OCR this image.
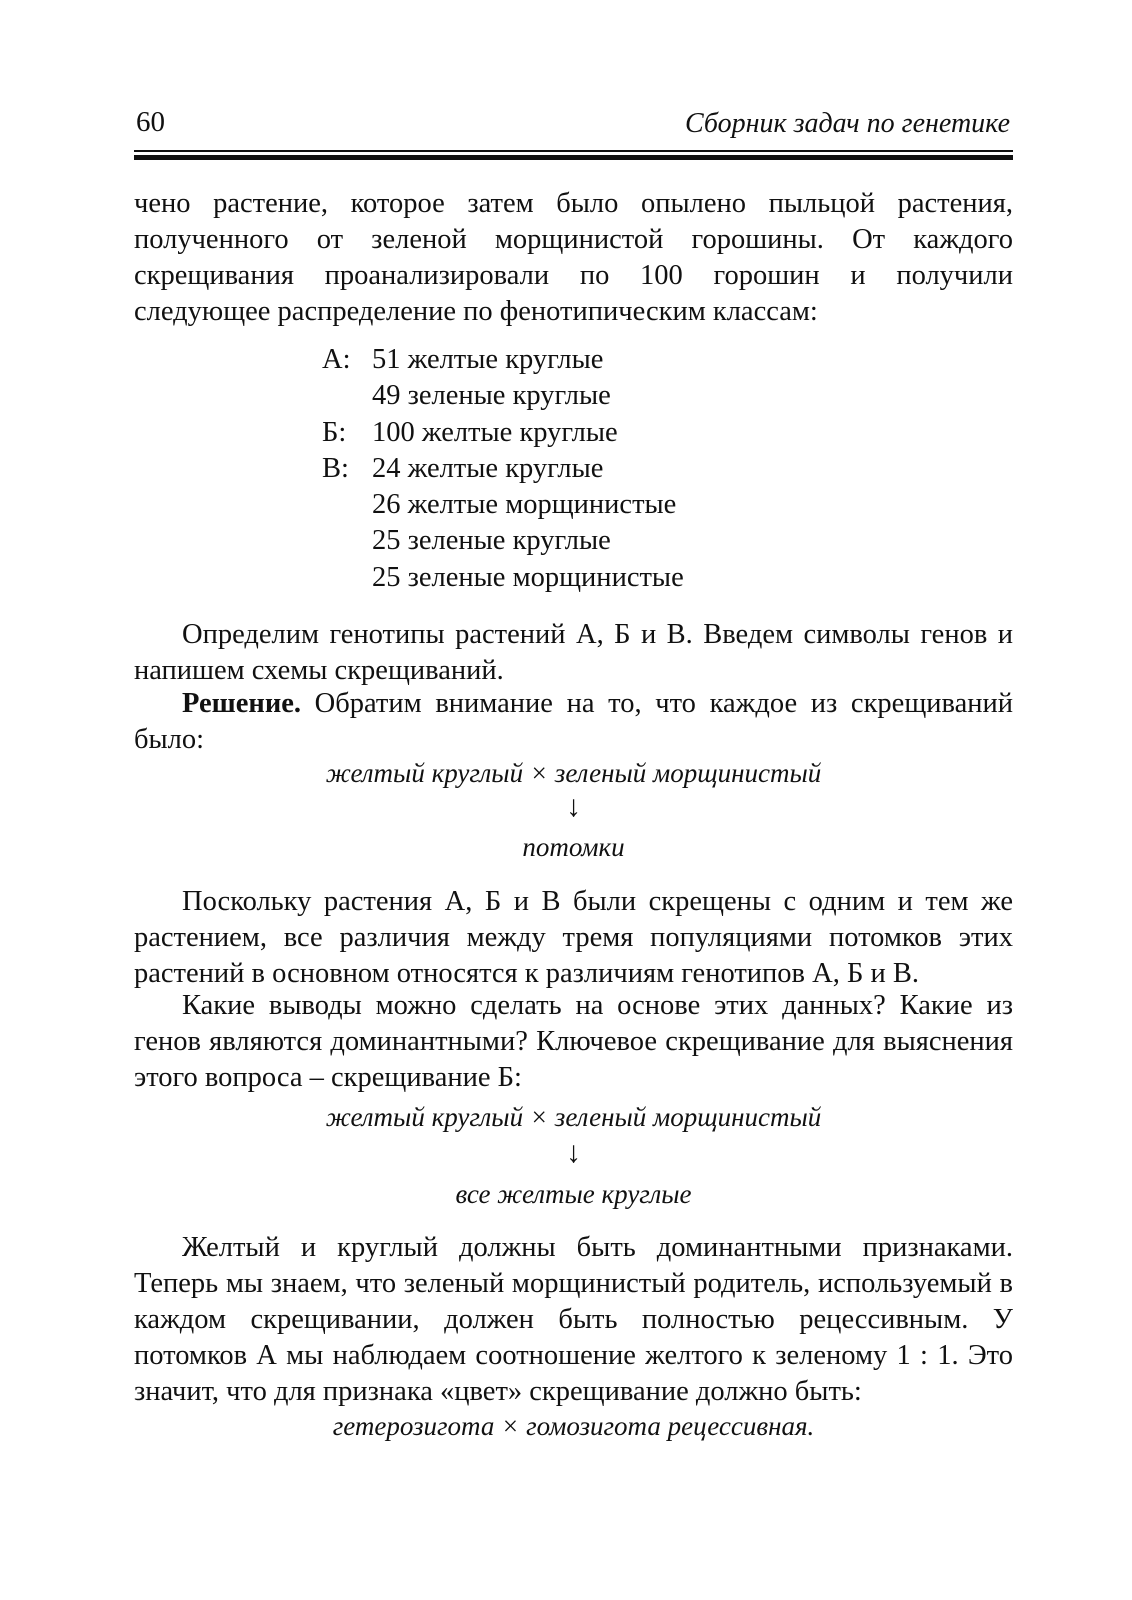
60	Сборник задач по генетике
чено растение, которое затем было опылено пыльцой растения, полученного от зеленой морщинистой горошины. От каждого скрещивания проанализировали по 100 горошин и получили следующее распределение по фенотипическим классам:
А: 51 желтые круглые
49 зеленые круглые
Б: 100 желтые круглые
В: 24 желтые круглые
26 желтые морщинистые
25 зеленые круглые
25 зеленые морщинистые
Определим генотипы растений А, Б и В. Введем символы генов и напишем схемы скрещиваний.
Решение. Обратим внимание на то, что каждое из скрещиваний было:
желтый круглый × зеленый морщинистый
↓
потомки
Поскольку растения А, Б и В были скрещены с одним и тем же растением, все различия между тремя популяциями потомков этих растений в основном относятся к различиям генотипов А, Б и В.
Какие выводы можно сделать на основе этих данных? Какие из генов являются доминантными? Ключевое скрещивание для выяснения этого вопроса – скрещивание Б:
желтый круглый × зеленый морщинистый
↓
все желтые круглые
Желтый и круглый должны быть доминантными признаками. Теперь мы знаем, что зеленый морщинистый родитель, используемый в каждом скрещивании, должен быть полностью рецессивным. У потомков А мы наблюдаем соотношение желтого к зеленому 1 : 1. Это значит, что для признака «цвет» скрещивание должно быть:
гетерозигота × гомозигота рецессивная.
